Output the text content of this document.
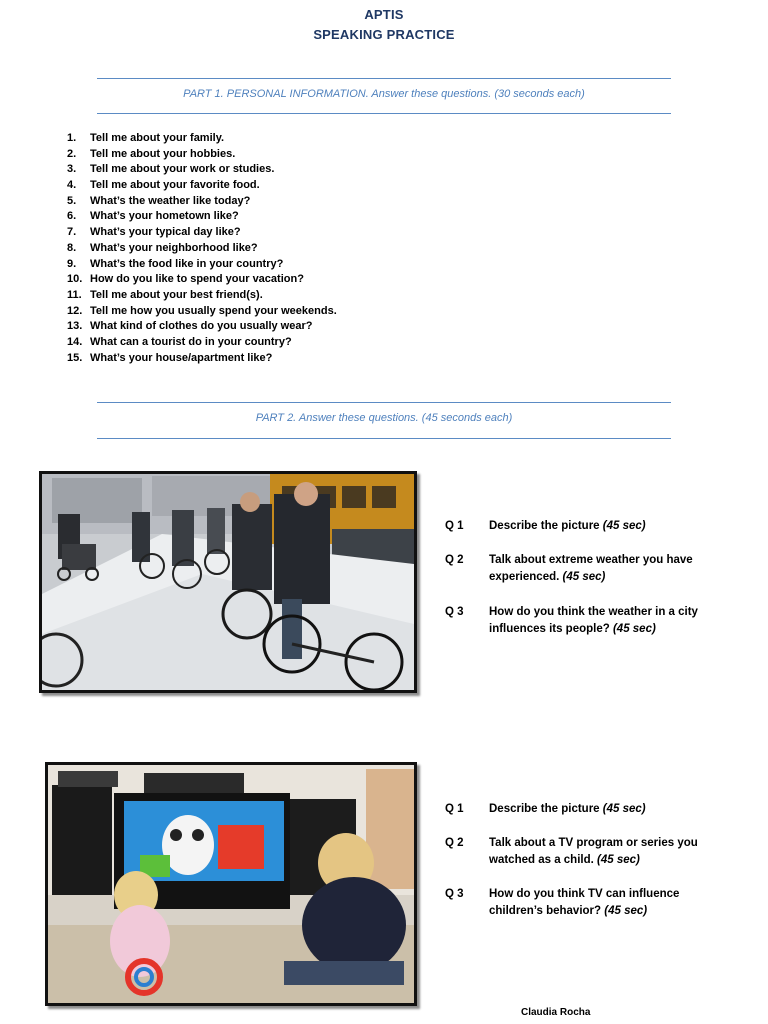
APTIS
SPEAKING PRACTICE
PART 1. PERSONAL INFORMATION. Answer these questions. (30 seconds each)
1. Tell me about your family.
2. Tell me about your hobbies.
3. Tell me about your work or studies.
4. Tell me about your favorite food.
5. What’s the weather like today?
6. What’s your hometown like?
7. What’s your typical day like?
8. What’s your neighborhood like?
9. What’s the food like in your country?
10. How do you like to spend your vacation?
11. Tell me about your best friend(s).
12. Tell me how you usually spend your weekends.
13. What kind of clothes do you usually wear?
14. What can a tourist do in your country?
15. What’s your house/apartment like?
PART 2. Answer these questions. (45 seconds each)
Q 1 Describe the picture (45 sec)
Q 2 Talk about extreme weather you have experienced. (45 sec)
Q 3 How do you think the weather in a city influences its people? (45 sec)
Q 1 Describe the picture (45 sec)
Q 2 Talk about a TV program or series you watched as a child. (45 sec)
Q 3 How do you think TV can influence children’s behavior? (45 sec)
Claudia Rocha
